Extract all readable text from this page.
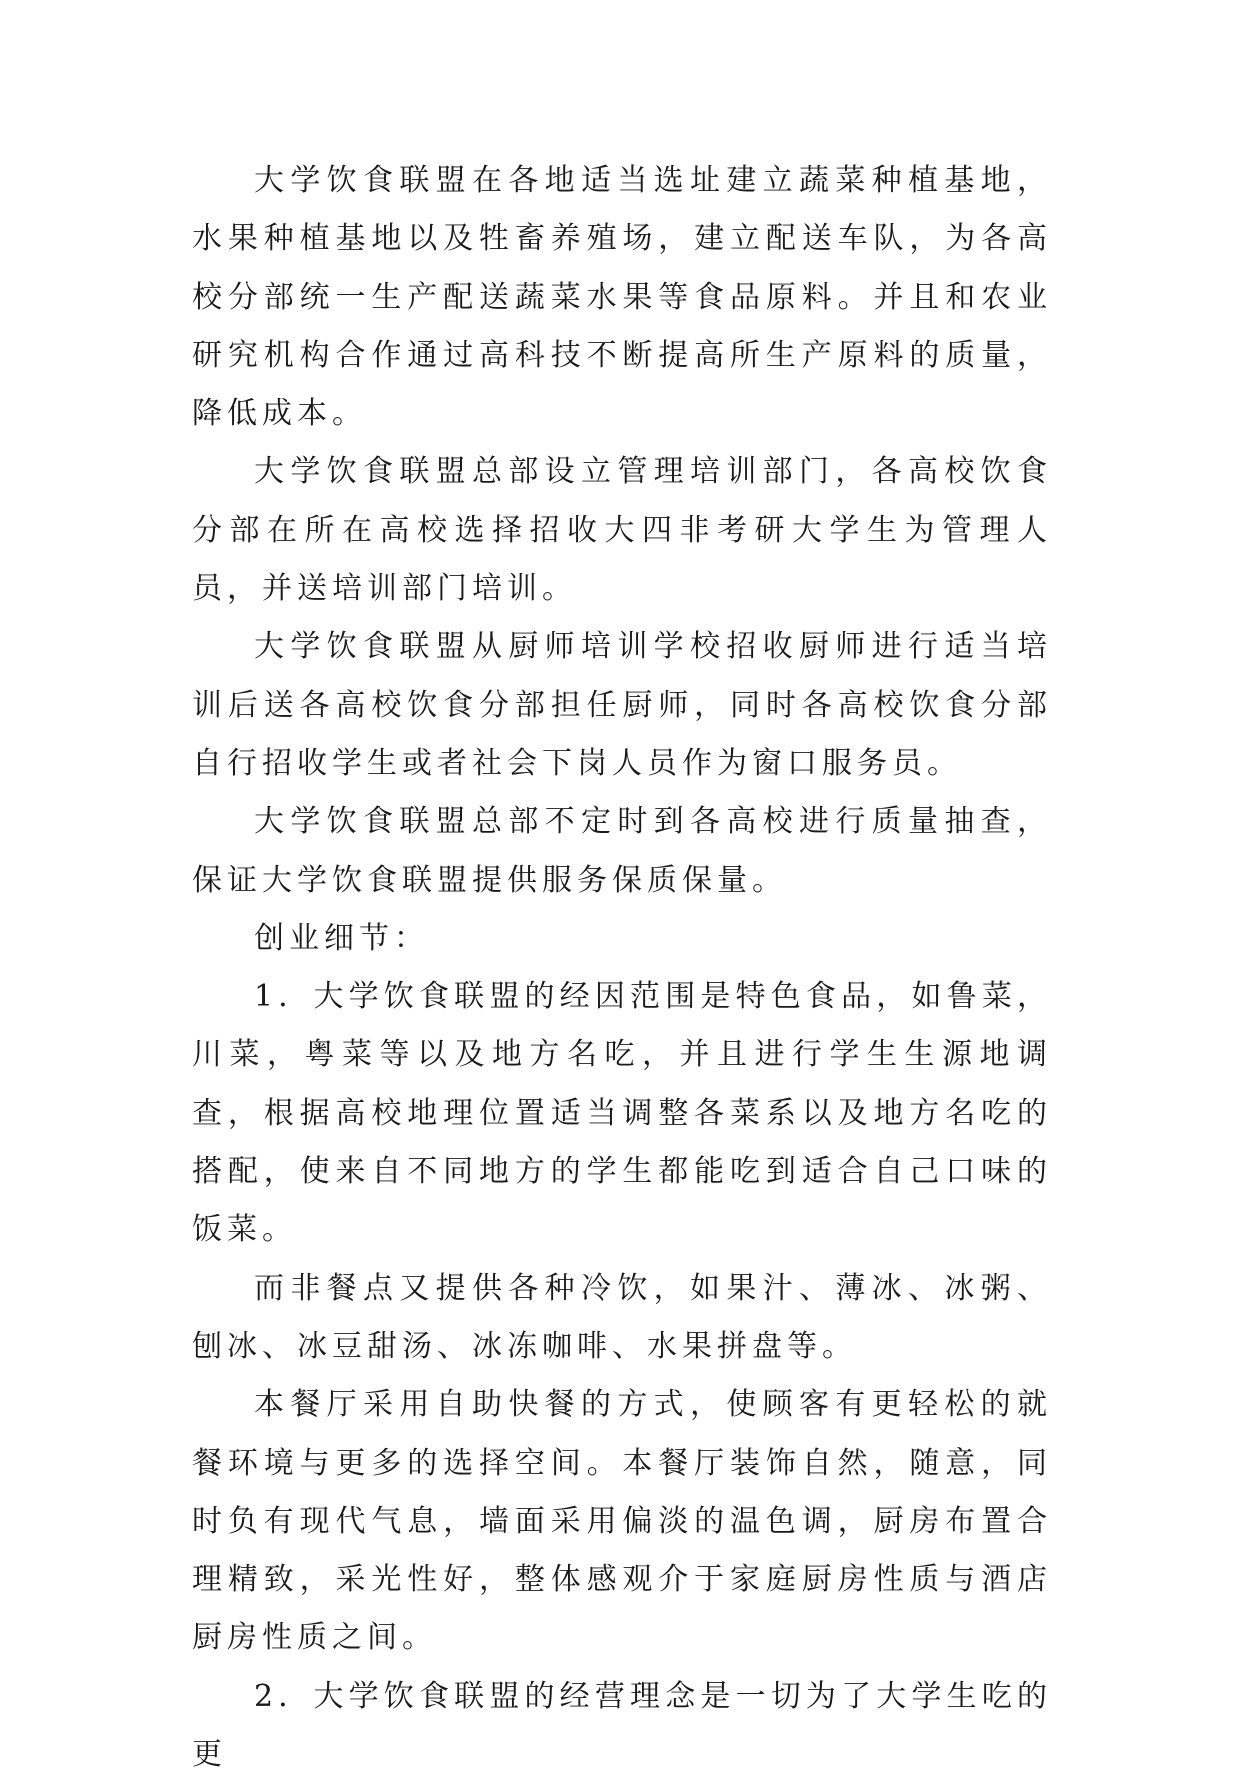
大学饮食联盟在各地适当选址建立蔬菜种植基地，水果种植基地以及牲畜养殖场，建立配送车队，为各高校分部统一生产配送蔬菜水果等食品原料。并且和农业研究机构合作通过高科技不断提高所生产原料的质量，降低成本。

大学饮食联盟总部设立管理培训部门，各高校饮食分部在所在高校选择招收大四非考研大学生为管理人员，并送培训部门培训。

大学饮食联盟从厨师培训学校招收厨师进行适当培训后送各高校饮食分部担任厨师，同时各高校饮食分部自行招收学生或者社会下岗人员作为窗口服务员。

大学饮食联盟总部不定时到各高校进行质量抽查，保证大学饮食联盟提供服务保质保量。

创业细节：

1．大学饮食联盟的经因范围是特色食品，如鲁菜，川菜，粤菜等以及地方名吃，并且进行学生生源地调查，根据高校地理位置适当调整各菜系以及地方名吃的搭配，使来自不同地方的学生都能吃到适合自己口味的饭菜。

而非餐点又提供各种冷饮，如果汁、薄冰、冰粥、刨冰、冰豆甜汤、冰冻咖啡、水果拼盘等。

本餐厅采用自助快餐的方式，使顾客有更轻松的就餐环境与更多的选择空间。本餐厅装饰自然，随意，同时负有现代气息，墙面采用偏淡的温色调，厨房布置合理精致，采光性好，整体感观介于家庭厨房性质与酒店厨房性质之间。

2．大学饮食联盟的经营理念是一切为了大学生吃的更
